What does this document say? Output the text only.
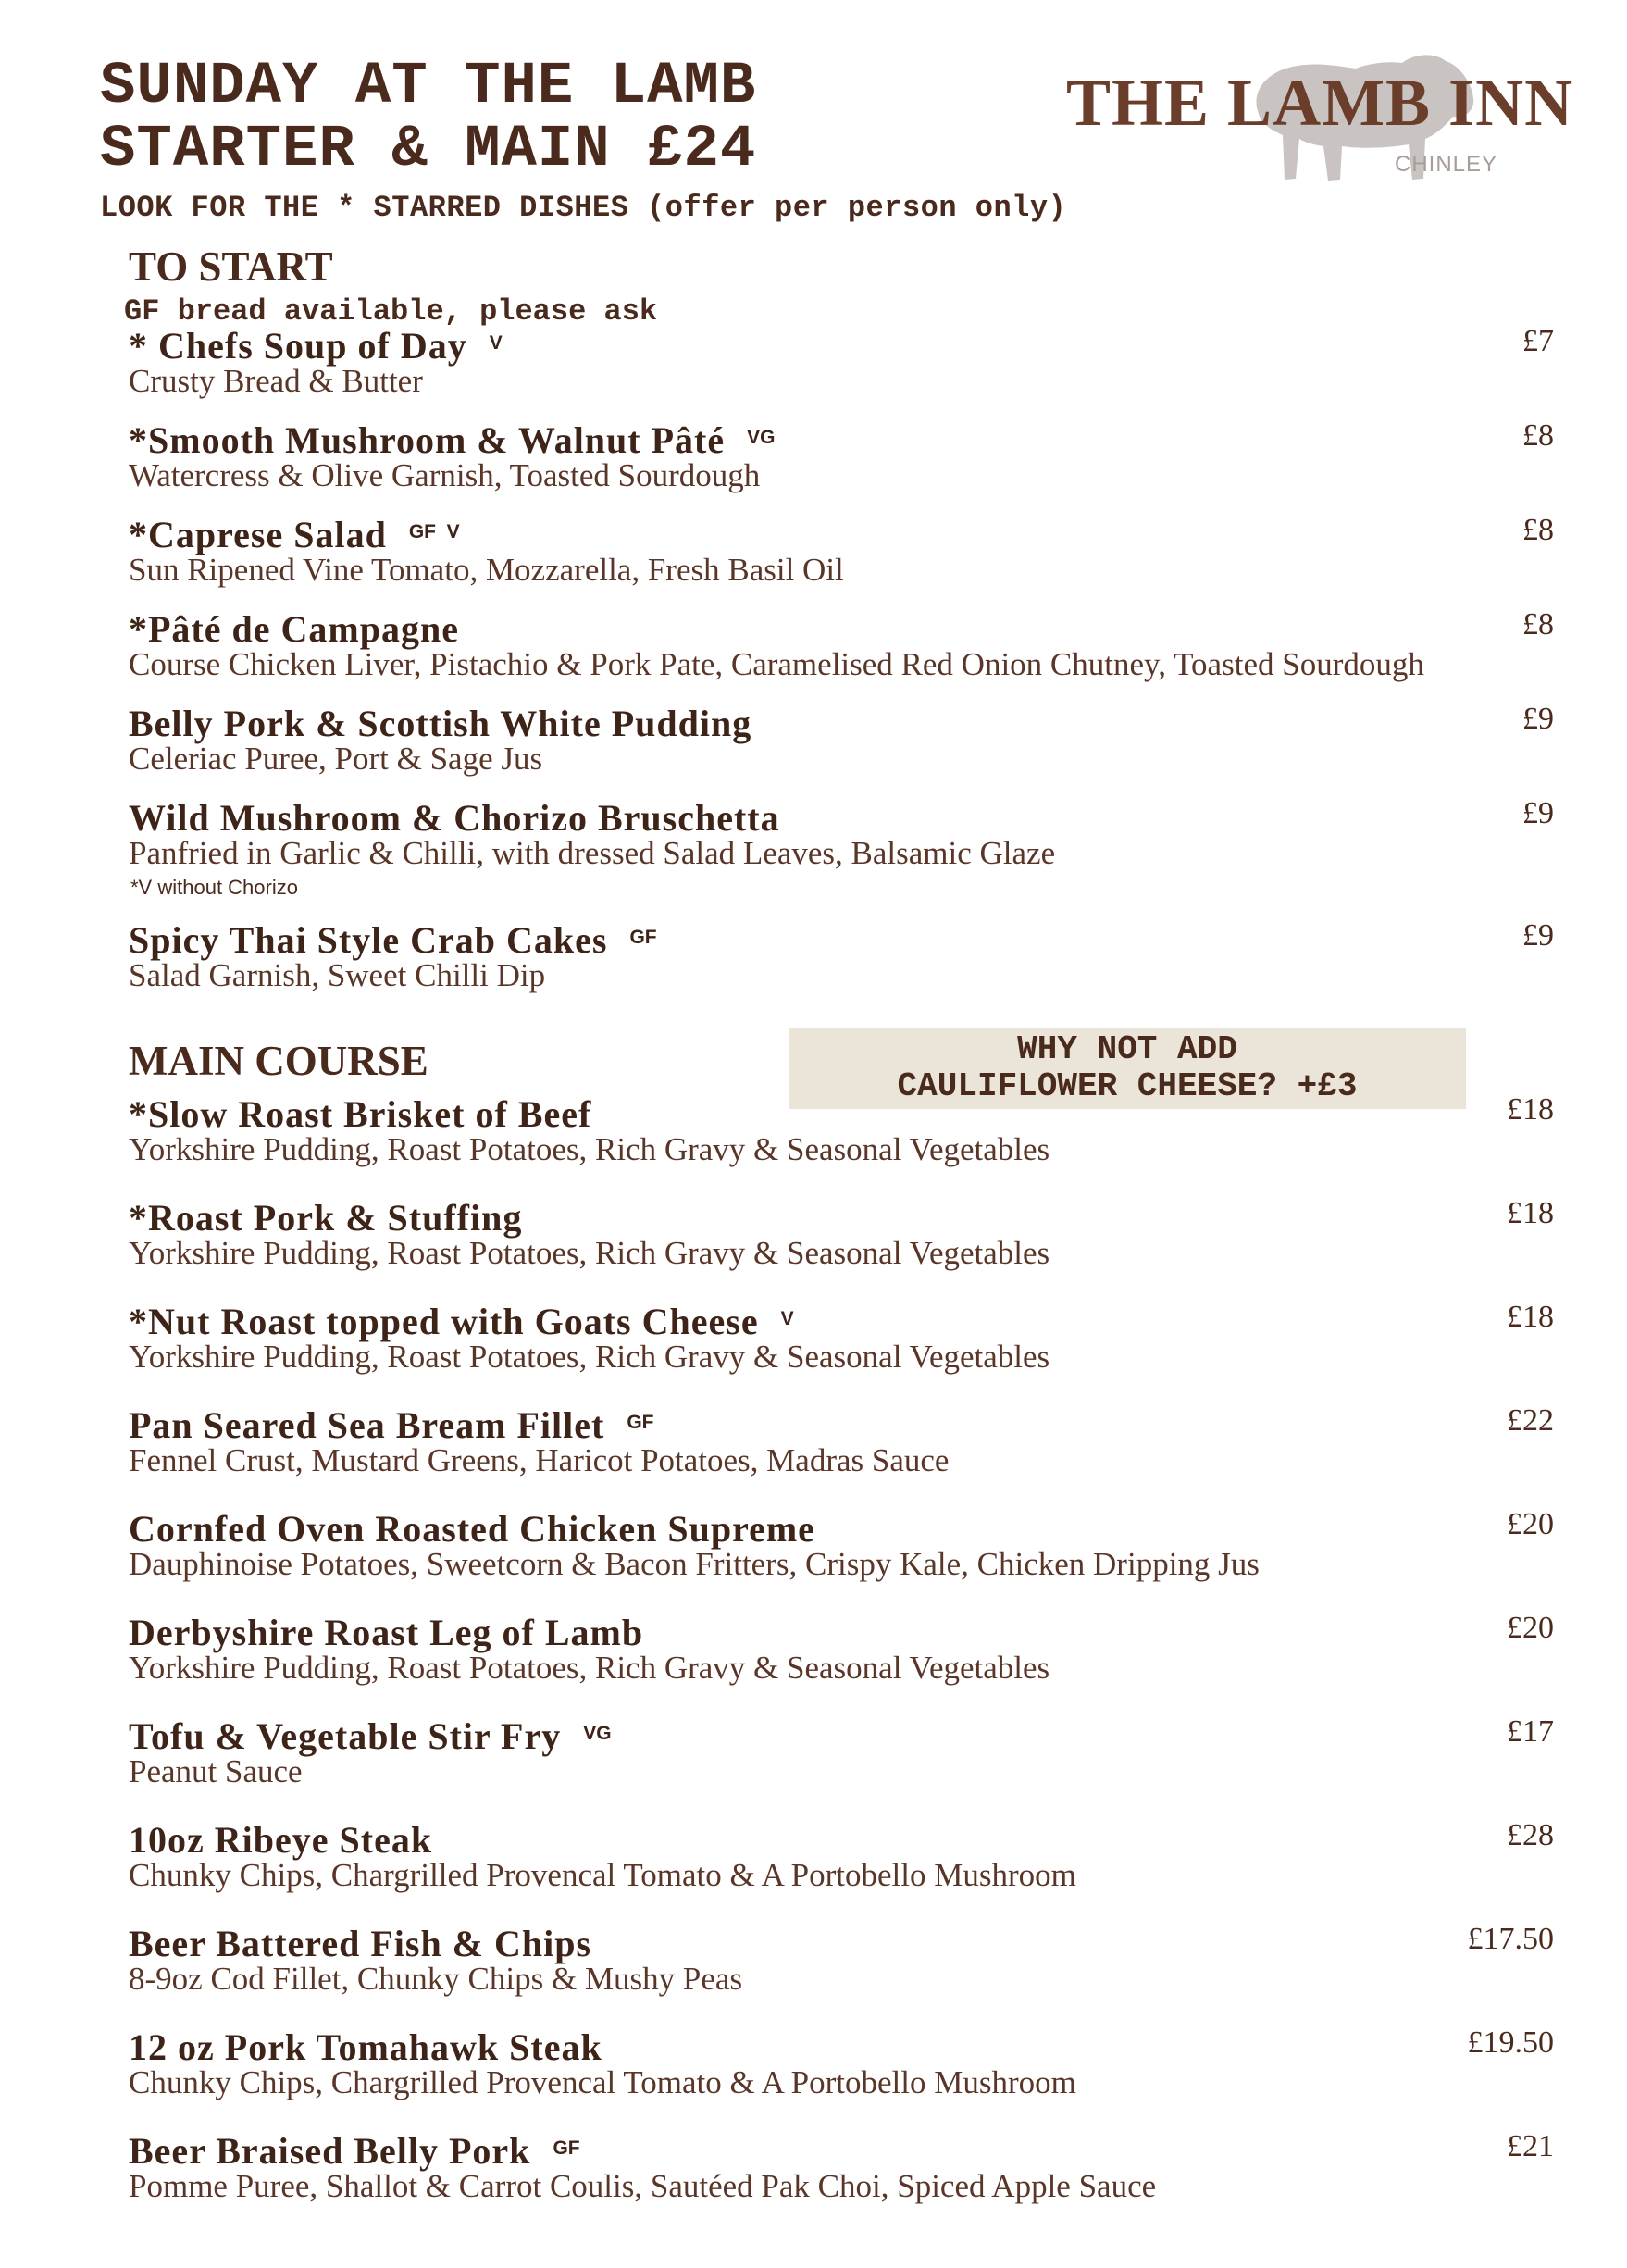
SUNDAY AT THE LAMB
STARTER & MAIN £24
LOOK FOR THE * STARRED DISHES (offer per person only)
THE LAMB INN
CHINLEY
TO START
GF bread available, please ask
* Chefs Soup of Day $^V$	£7
Crusty Bread & Butter
*Smooth Mushroom & Walnut Pâté $^{VG}$	£8
Watercress & Olive Garnish, Toasted Sourdough
*Caprese Salad $^{GF V}$	£8
Sun Ripened Vine Tomato, Mozzarella, Fresh Basil Oil
*Pâté de Campagne	£8
Course Chicken Liver, Pistachio & Pork Pate, Caramelised Red Onion Chutney, Toasted Sourdough
Belly Pork & Scottish White Pudding	£9
Celeriac Puree, Port & Sage Jus
Wild Mushroom & Chorizo Bruschetta	£9
Panfried in Garlic & Chilli, with dressed Salad Leaves, Balsamic Glaze
*V without Chorizo
Spicy Thai Style Crab Cakes $^{GF}$	£9
Salad Garnish, Sweet Chilli Dip
MAIN COURSE	WHY NOT ADD
CAULIFLOWER CHEESE? +£3
*Slow Roast Brisket of Beef	£18
Yorkshire Pudding, Roast Potatoes, Rich Gravy & Seasonal Vegetables
*Roast Pork & Stuffing	£18
Yorkshire Pudding, Roast Potatoes, Rich Gravy & Seasonal Vegetables
*Nut Roast topped with Goats Cheese $^V$	£18
Yorkshire Pudding, Roast Potatoes, Rich Gravy & Seasonal Vegetables
Pan Seared Sea Bream Fillet $^{GF}$	£22
Fennel Crust, Mustard Greens, Haricot Potatoes, Madras Sauce
Cornfed Oven Roasted Chicken Supreme	£20
Dauphinoise Potatoes, Sweetcorn & Bacon Fritters, Crispy Kale, Chicken Dripping Jus
Derbyshire Roast Leg of Lamb	£20
Yorkshire Pudding, Roast Potatoes, Rich Gravy & Seasonal Vegetables
Tofu & Vegetable Stir Fry $^{VG}$	£17
Peanut Sauce
10oz Ribeye Steak	£28
Chunky Chips, Chargrilled Provencal Tomato & A Portobello Mushroom
Beer Battered Fish & Chips	£17.50
8-9oz Cod Fillet, Chunky Chips & Mushy Peas
12 oz Pork Tomahawk Steak	£19.50
Chunky Chips, Chargrilled Provencal Tomato & A Portobello Mushroom
Beer Braised Belly Pork $^{GF}$	£21
Pomme Puree, Shallot & Carrot Coulis, Sautéed Pak Choi, Spiced Apple Sauce
